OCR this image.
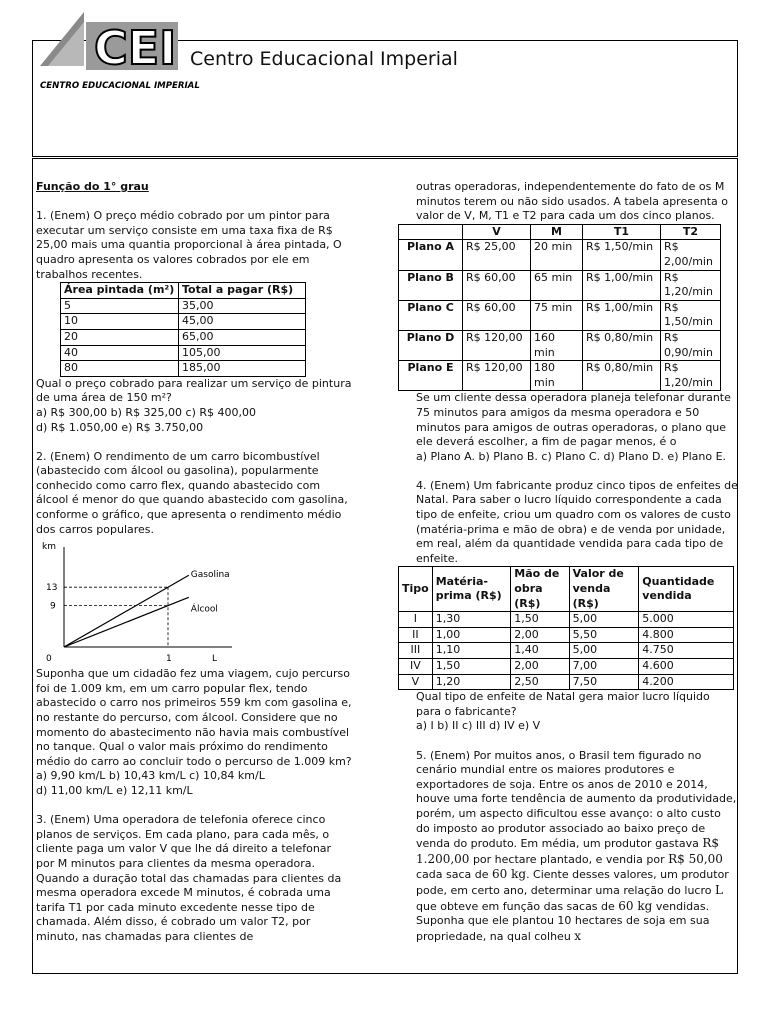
CEI
CENTRO EDUCACIONAL IMPERIAL
Centro Educacional Imperial

Função do 1° grau

1. (Enem) O preço médio cobrado por um pintor para executar um serviço consiste em uma taxa fixa de R$ 25,00 mais uma quantia proporcional à área pintada, O quadro apresenta os valores cobrados por ele em trabalhos recentes.

Área pintada (m²)	Total a pagar (R$)
5	35,00
10	45,00
20	65,00
40	105,00
80	185,00

Qual o preço cobrado para realizar um serviço de pintura de uma área de 150 m²?

a) R$ 300,00 b) R$ 325,00 c) R$ 400,00

d) R$ 1.050,00 e) R$ 3.750,00

2. (Enem) O rendimento de um carro bicombustível (abastecido com álcool ou gasolina), popularmente conhecido como carro flex, quando abastecido com álcool é menor do que quando abastecido com gasolina, conforme o gráfico, que apresenta o rendimento médio dos carros populares.

km
13
9
0	1	L
Gasolina
Álcool

Suponha que um cidadão fez uma viagem, cujo percurso foi de 1.009 km, em um carro popular flex, tendo abastecido o carro nos primeiros 559 km com gasolina e, no restante do percurso, com álcool. Considere que no momento do abastecimento não havia mais combustível no tanque. Qual o valor mais próximo do rendimento médio do carro ao concluir todo o percurso de 1.009 km?

a) 9,90 km/L b) 10,43 km/L c) 10,84 km/L

d) 11,00 km/L e) 12,11 km/L

3. (Enem) Uma operadora de telefonia oferece cinco planos de serviços. Em cada plano, para cada mês, o cliente paga um valor V que lhe dá direito a telefonar por M minutos para clientes da mesma operadora. Quando a duração total das chamadas para clientes da mesma operadora excede M minutos, é cobrada uma tarifa T1 por cada minuto excedente nesse tipo de chamada. Além disso, é cobrado um valor T2, por minuto, nas chamadas para clientes de

outras operadoras, independentemente do fato de os M minutos terem ou não sido usados. A tabela apresenta o valor de V, M, T1 e T2 para cada um dos cinco planos.

	V	M	T1	T2
Plano A	R$ 25,00	20 min	R$ 1,50/min	R$ 2,00/min
Plano B	R$ 60,00	65 min	R$ 1,00/min	R$ 1,20/min
Plano C	R$ 60,00	75 min	R$ 1,00/min	R$ 1,50/min
Plano D	R$ 120,00	160 min	R$ 0,80/min	R$ 0,90/min
Plano E	R$ 120,00	180 min	R$ 0,80/min	R$ 1,20/min

Se um cliente dessa operadora planeja telefonar durante 75 minutos para amigos da mesma operadora e 50 minutos para amigos de outras operadoras, o plano que ele deverá escolher, a fim de pagar menos, é o

a) Plano A. b) Plano B. c) Plano C. d) Plano D. e) Plano E.

4. (Enem) Um fabricante produz cinco tipos de enfeites de Natal. Para saber o lucro líquido correspondente a cada tipo de enfeite, criou um quadro com os valores de custo (matéria-prima e mão de obra) e de venda por unidade, em real, além da quantidade vendida para cada tipo de enfeite.

Tipo	Matéria-prima (R$)	Mão de obra (R$)	Valor de venda (R$)	Quantidade vendida
I	1,30	1,50	5,00	5.000
II	1,00	2,00	5,50	4.800
III	1,10	1,40	5,00	4.750
IV	1,50	2,00	7,00	4.600
V	1,20	2,50	7,50	4.200

Qual tipo de enfeite de Natal gera maior lucro líquido para o fabricante?

a) I b) II c) III d) IV e) V

5. (Enem) Por muitos anos, o Brasil tem figurado no cenário mundial entre os maiores produtores e exportadores de soja. Entre os anos de 2010 e 2014, houve uma forte tendência de aumento da produtividade, porém, um aspecto dificultou esse avanço: o alto custo do imposto ao produtor associado ao baixo preço de venda do produto. Em média, um produtor gastava R$ 1.200,00 por hectare plantado, e vendia por R$ 50,00 cada saca de 60 kg. Ciente desses valores, um produtor pode, em certo ano, determinar uma relação do lucro L que obteve em função das sacas de 60 kg vendidas. Suponha que ele plantou 10 hectares de soja em sua propriedade, na qual colheu x
